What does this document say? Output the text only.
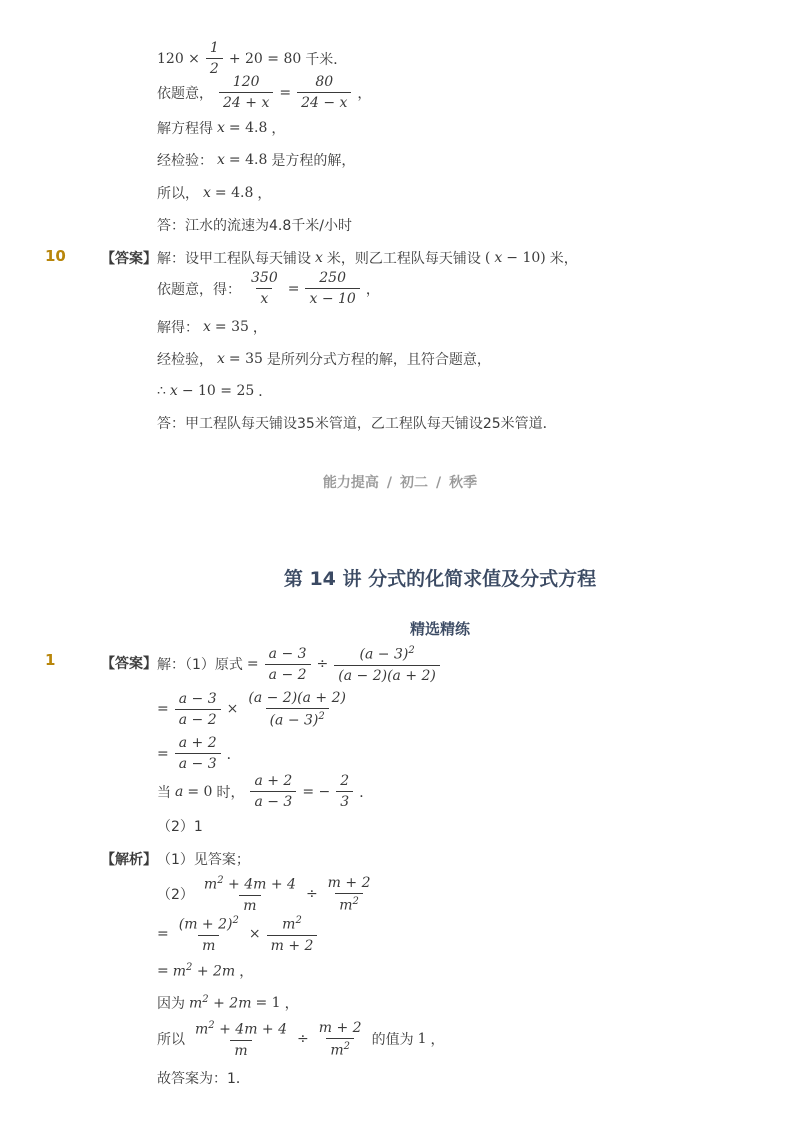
$120 \times \frac{1}{2} + 20 = 80$ 千米．
依题意， $\frac{120}{24 + x} = \frac{80}{24 - x}$ ，
解方程得 x = 4.8 ，
经检验： x = 4.8 是方程的解，
所以， x = 4.8 ，
答：江水的流速为4.8千米/小时
10	【答案】 解：设甲工程队每天铺设 x 米，则乙工程队每天铺设 ( x − 10) 米，
依题意，得： $\frac{350}{x} = \frac{250}{x - 10}$ ，
解得： x = 35 ，
经检验， x = 35 是所列分式方程的解，且符合题意，
∴ x − 10 = 25 ．
答：甲工程队每天铺设35米管道，乙工程队每天铺设25米管道．
能力提高 / 初二 / 秋季
第 14 讲 分式的化简求值及分式方程
精选精练
1	【答案】 解：（1）原式 = $\frac{a - 3}{a - 2} \div \frac{(a - 3)^2}{(a - 2)(a + 2)}$
= $\frac{a - 3}{a - 2} \times \frac{(a - 2)(a + 2)}{(a - 3)^2}$
= $\frac{a + 2}{a - 3}$ ．
当 a = 0 时， $\frac{a + 2}{a - 3}$ = − $\frac{2}{3}$ ．
（2）1
【解析】 （1）见答案；
$(2) \frac{m^2 + 4m + 4}{m} \div \frac{m + 2}{m^2}$
= $\frac{(m + 2)^2}{m} \times \frac{m^2}{m + 2}$
= $m^2 + 2m$ ，
因为 $m^2 + 2m = 1$ ，
所以 $\frac{m^2 + 4m + 4}{m} \div \frac{m + 2}{m^2}$ 的值为 1 ，
故答案为：1．
